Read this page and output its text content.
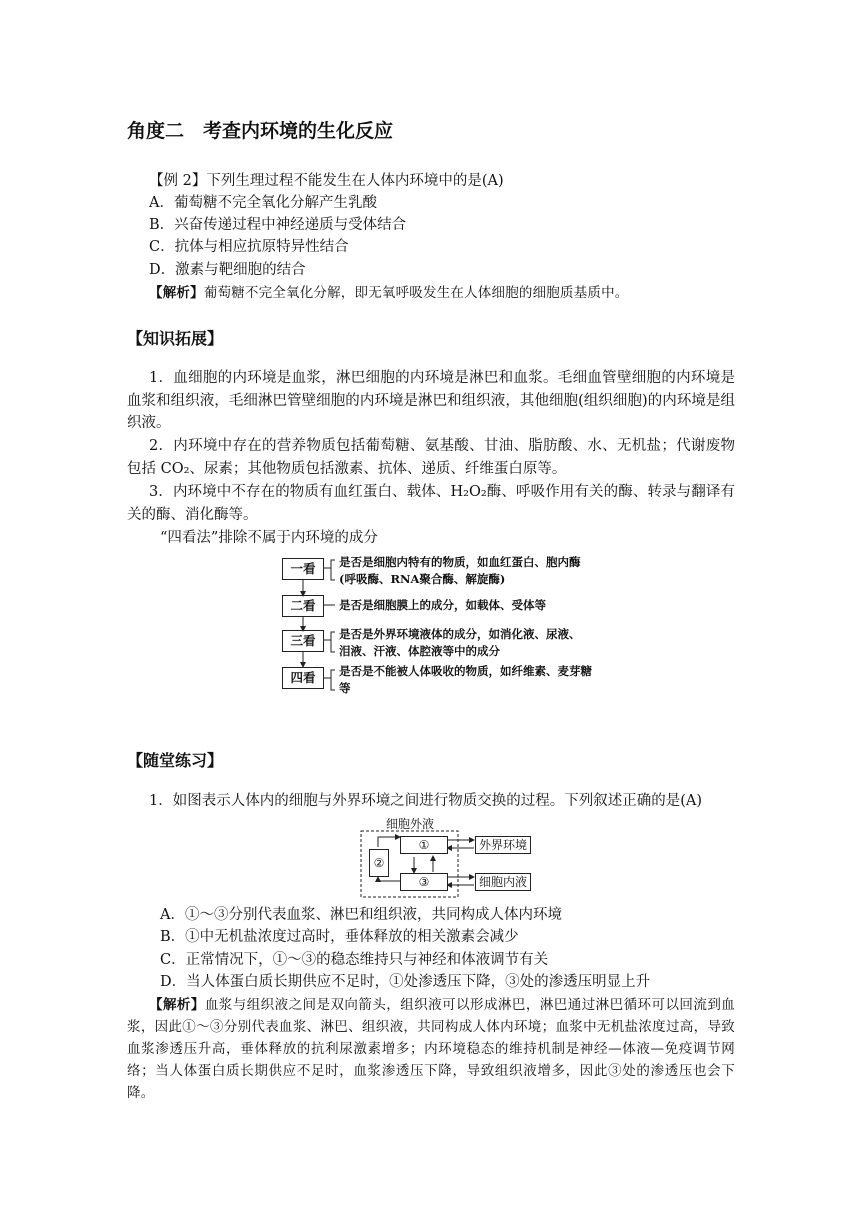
角度二　考查内环境的生化反应
【例 2】下列生理过程不能发生在人体内环境中的是(A)
A．葡萄糖不完全氧化分解产生乳酸
B．兴奋传递过程中神经递质与受体结合
C．抗体与相应抗原特异性结合
D．激素与靶细胞的结合
【解析】葡萄糖不完全氧化分解，即无氧呼吸发生在人体细胞的细胞质基质中。
【知识拓展】
1．血细胞的内环境是血浆，淋巴细胞的内环境是淋巴和血浆。毛细血管壁细胞的内环境是血浆和组织液，毛细淋巴管壁细胞的内环境是淋巴和组织液，其他细胞(组织细胞)的内环境是组织液。
2．内环境中存在的营养物质包括葡萄糖、氨基酸、甘油、脂肪酸、水、无机盐；代谢废物包括 CO₂、尿素；其他物质包括激素、抗体、递质、纤维蛋白原等。
3．内环境中不存在的物质有血红蛋白、载体、H₂O₂酶、呼吸作用有关的酶、转录与翻译有关的酶、消化酶等。
“四看法”排除不属于内环境的成分
一看	是否是细胞内特有的物质，如血红蛋白、胞内酶
(呼吸酶、RNA聚合酶、解旋酶)
二看	是否是细胞膜上的成分，如载体、受体等
三看	是否是外界环境液体的成分，如消化液、尿液、
泪液、汗液、体腔液等中的成分
四看	是否是不能被人体吸收的物质，如纤维素、麦芽糖
等
【随堂练习】
1．如图表示人体内的细胞与外界环境之间进行物质交换的过程。下列叙述正确的是(A)
细胞外液
①
②
③
外界环境
细胞内液
A．①～③分别代表血浆、淋巴和组织液，共同构成人体内环境
B．①中无机盐浓度过高时，垂体释放的相关激素会减少
C．正常情况下，①～③的稳态维持只与神经和体液调节有关
D．当人体蛋白质长期供应不足时，①处渗透压下降，③处的渗透压明显上升
【解析】血浆与组织液之间是双向箭头，组织液可以形成淋巴，淋巴通过淋巴循环可以回流到血浆，因此①～③分别代表血浆、淋巴、组织液，共同构成人体内环境；血浆中无机盐浓度过高，导致血浆渗透压升高，垂体释放的抗利尿激素增多；内环境稳态的维持机制是神经—体液—免疫调节网络；当人体蛋白质长期供应不足时，血浆渗透压下降，导致组织液增多，因此③处的渗透压也会下降。
